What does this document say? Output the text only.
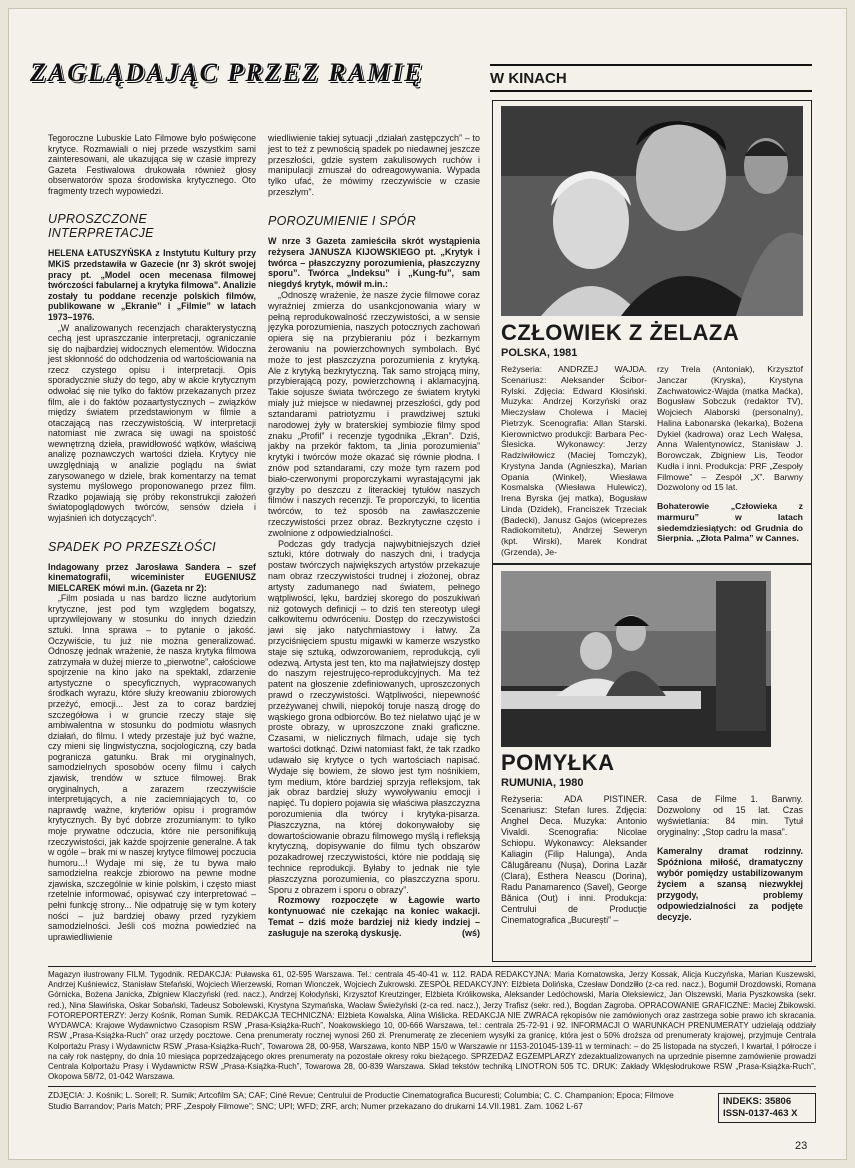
ZAGLĄDAJĄC PRZEZ RAMIĘ	W KINACH

Tegoroczne Lubuskie Lato Filmowe było poświęcone krytyce. Rozmawiali o niej przede wszystkim sami zainteresowani, ale ukazująca się w czasie imprezy Gazeta Festiwalowa drukowała również głosy obserwatorów spoza środowiska krytycznego. Oto fragmenty trzech wypowiedzi.

UPROSZCZONE INTERPRETACJE

HELENA ŁATUSZYŃSKA z Instytutu Kultury przy MKiS przedstawiła w Gazecie (nr 3) skrót swojej pracy pt. „Model ocen mecenasa filmowej twórczości fabularnej a krytyka filmowa”. Analizie zostały tu poddane recenzje polskich filmów, publikowane w „Ekranie” i „Filmie” w latach 1973–1976.

„W analizowanych recenzjach charakterystyczną cechą jest upraszczanie interpretacji, ograniczanie się do najbardziej widocznych elementów. Widoczna jest skłonność do odchodzenia od wartościowania na rzecz czystego opisu i interpretacji. Opis sporadycznie służy do tego, aby w akcie krytycznym odwołać się nie tylko do faktów przekazanych przez film, ale i do faktów pozaartystycznych – związków między światem przedstawionym w filmie a otaczającą nas rzeczywistością. W interpretacji natomiast nie zwraca się uwagi na spoistość wewnętrzną dzieła, prawidłowość wątków, właściwą analizę poznawczych wartości dzieła. Krytycy nie uwzględniają w analizie poglądu na świat zarysowanego w dziele, brak komentarzy na temat systemu myślowego proponowanego przez film. Rzadko pojawiają się próby rekonstrukcji założeń światopoglądowych twórców, sensów dzieła i wyjaśnień ich dotyczących”.

SPADEK PO PRZESZŁOŚCI

Indagowany przez Jarosława Sandera – szef kinematografii, wiceminister EUGENIUSZ MIELCAREK mówi m.in. (Gazeta nr 2):

„Film posiada u nas bardzo liczne audytorium krytyczne, jest pod tym względem bogatszy, uprzywilejowany w stosunku do innych dziedzin sztuki. Inna sprawa – to pytanie o jakość. Oczywiście, tu już nie można generalizować. Odnoszę jednak wrażenie, że nasza krytyka filmowa zatrzymała w dużej mierze to „pierwotne”, całościowe spojrzenie na kino jako na spektakl, zdarzenie artystyczne o specyficznych, wypracowanych środkach wyrazu, które służy kreowaniu zbiorowych przeżyć, emocji... Jest za to coraz bardziej szczegółowa i w gruncie rzeczy staje się ambiwalentna w stosunku do podmiotu własnych działań, do filmu. I wtedy przestaje już być ważne, czy mieni się lingwistyczna, socjologiczną, czy bada pogranicza gatunku. Brak mi oryginalnych, samodzielnych sposobów oceny filmu i całych zjawisk, trendów w sztuce filmowej. Brak oryginalnych, a zarazem rzeczywiście interpretujących, a nie zaciemniających to, co naprawdę ważne, kryteriów opisu i programów krytycznych. By być dobrze zrozumianym: to tylko moje prywatne odczucia, które nie personifikują rzeczywistości, jak każde spojrzenie generalne. A tak w ogóle – brak mi w naszej krytyce filmowej poczucia humoru...! Wydaje mi się, że tu bywa mało samodzielna reakcje zbiorowo na pewne modne zjawiska, szczególnie w kinie polskim, i często miast rzetelnie informować, opisywać czy interpretować – pełni funkcję strony... Nie odpatruję się w tym kotery ności – już bardziej obawy przed ryzykiem samodzielności. Jeśli coś można powiedzieć na uprawiedliwienie

wiedliwienie takiej sytuacji „działań zastępczych” – to jest to też z pewnością spadek po niedawnej jeszcze przeszłości, gdzie system zakulisowych ruchów i manipulacji zmuszał do odreagowywania. Wypada tylko ufać, że mówimy rzeczywiście w czasie przeszłym”.

POROZUMIENIE I SPÓR

W nrze 3 Gazeta zamieściła skrót wystąpienia reżysera JANUSZA KIJOWSKIEGO pt. „Krytyk i twórca – płaszczyzny porozumienia, płaszczyzny sporu”. Twórca „Indeksu” i „Kung-fu”, sam niegdyś krytyk, mówił m.in.:

„Odnoszę wrażenie, że nasze życie filmowe coraz wyraźniej zmierza do usankcjonowania wiary w pełną reprodukowalność rzeczywistości, a w sensie języka porozumienia, naszych potocznych zachowań opiera się na przybieraniu póz i bezkarnym żerowaniu na powierzchownych symbolach. Być może to jest płaszczyzna porozumienia z krytyką. Ale z krytyką bezkrytyczną. Tak samo strojącą miny, przybierającą pozy, powierzchowną i aklamacyjną. Takie sojusze świata twórczego ze światem krytyki miały już miejsce w niedawnej przeszłości, gdy pod sztandarami patriotyzmu i prawdziwej sztuki narodowej żyły w braterskiej symbiozie filmy spod znaku „Profil” i recenzje tygodnika „Ekran”. Dziś, jakby na przekór faktom, ta „linia porozumienia” krytyki i twórców może okazać się równie płodna. I znów pod sztandarami, czy może tym razem pod biało-czerwonymi proporczykami wyrastającymi jak grzyby po deszczu z literackiej tytułów naszych filmów i naszych recenzji. Te proporczyki, to licentia twórców, to też sposób na zawłaszczenie rzeczywistości przez obraz. Bezkrytyczne często i zwolnione z odpowiedzialności.

Podczas gdy tradycja najwybitniejszych dzieł sztuki, które dotrwały do naszych dni, i tradycja postaw twórczych największych artystów przekazuje nam obraz rzeczywistości trudnej i złożonej, obraz artysty zadumanego nad światem, pełnego wątpliwości, lęku, bardziej skorego do poszukiwań niż gotowych definicji – to dziś ten stereotyp uległ całkowitemu odwróceniu. Dostęp do rzeczywistości jawi się jako natychmiastowy i łatwy. Za przyciśnięciem spustu migawki w kamerze wszystko staje się sztuką, odwzorowaniem, reprodukcją, cyli odezwą. Artysta jest ten, kto ma najłatwiejszy dostęp do naszym rejestrujęco-reprodukcyjnych. Ma też patent na głoszenie zdefiniowanych, uproszczonych prawd o rzeczywistości. Wątpliwości, niepewność przeżywanej chwili, niepokój toruje naszą drogę do wąskiego grona odbiorców. Bo też nielatwo ująć je w proste obrazy, w uproszczone znaki graficzne. Czasami, w nielicznych filmach, udaje się tych wartości dotknąć. Dziwi natomiast fakt, że tak rzadko udawało się krytyce o tych wartościach napisać. Wydaje się bowiem, że słowo jest tym nośnikiem, tym medium, które bardziej sprzyja refleksjom, tak jak obraz bardziej służy wywoływaniu emocji i napięć. Tu dopiero pojawia się właściwa płaszczyzna porozumienia dla twórcy i krytyka-pisarza. Płaszczyzna, na której dokonywałoby się dowartościowanie obrazu filmowego myślą i refleksją krytyczną, dopisywanie do filmu tych obszarów pozakadrowej rzeczywistości, które nie poddają się technice reprodukcji. Byłaby to jednak nie tyle płaszczyzna porozumienia, co płaszczyzna sporu. Sporu z obrazem i sporu o obrazy”.

Rozmowy rozpoczęte w Łagowie warto kontynuować nie czekając na koniec wakacji. Temat – dziś może bardziej niż kiedy indziej – zasługuje na szeroką dyskusję.	(wś)

CZŁOWIEK Z ŻELAZA
POLSKA, 1981

Reżyseria: ANDRZEJ WAJDA. Scenariusz: Aleksander Ścibor-Rylski. Zdjęcia: Edward Kłosiński. Muzyka: Andrzej Korzyński oraz Mieczysław Cholewa i Maciej Pietrzyk. Scenografia: Allan Starski. Kierownictwo produkcji: Barbara Pec-Ślesicka. Wykonawcy: Jerzy Radziwiłowicz (Maciej Tomczyk), Krystyna Janda (Agnieszka), Marian Opania (Winkel), Wiesława Kosmalska (Wiesława Hulewicz), Irena Byrska (jej matka), Bogusław Linda (Dzidek), Franciszek Trzeciak (Badecki), Janusz Gajos (wiceprezes Radiokomitetu), Andrzej Seweryn (kpt. Wirski), Marek Kondrat (Grzenda), Je-

rzy Trela (Antoniak), Krzysztof Janczar (Kryska), Krystyna Zachwatowicz-Wajda (matka Maćka), Bogusław Sobczuk (redaktor TV), Wojciech Alaborski (personalny), Halina Łabonarska (lekarka), Bożena Dykiel (kadrowa) oraz Lech Wałęsa, Anna Walentynowicz, Stanisław J. Borowczak, Zbigniew Lis, Teodor Kudła i inni. Produkcja: PRF „Zespoły Filmowe” – Zespół „X”. Barwny Dozwolony od 15 lat.

Bohaterowie „Człowieka z marmuru” w latach siedemdziesiątych: od Grudnia do Sierpnia. „Złota Palma” w Cannes.

POMYŁKA
RUMUNIA, 1980

Reżyseria: ADA PISTINER. Scenariusz: Stefan Iures. Zdjęcia: Anghel Deca. Muzyka: Antonio Vivaldi. Scenografia: Nicolae Schiopu. Wykonawcy: Aleksander Kaliagin (Filip Halunga), Anda Călugăreanu (Nușa), Dorina Lazăr (Clara), Esthera Neascu (Dorina), Radu Panamarenco (Savel), George Bănica (Ouț) i inni. Produkcja: Centrului de Producție Cinematografica „București” –

Casa de Filme 1. Barwny. Dozwolony od 15 lat. Czas wyświetlania: 84 min. Tytuł oryginalny: „Stop cadru la masa”.

Kameralny dramat rodzinny. Spóźniona miłość, dramatyczny wybór pomiędzy ustabilizowanym życiem a szansą niezwykłej przygody, problemy odpowiedzialności za podjęte decyzje.

Magazyn ilustrowany FILM. Tygodnik. REDAKCJA: Puławska 61, 02-595 Warszawa. Tel.: centrala 45-40-41 w. 112. RADA REDAKCYJNA: Maria Kornatowska, Jerzy Kossak, Alicja Kuczyńska, Marian Kuszewski, Andrzej Kuśniewicz, Stanisław Stefański, Wojciech Wierzewski, Roman Wionczek, Wojciech Żukrowski. ZESPÓŁ REDAKCYJNY: Elżbieta Dolińska, Czesław Dondziłło (z-ca red. nacz.), Bogumił Drozdowski, Romana Górnicka, Bożena Janicka, Zbigniew Klaczyński (red. nacz.), Andrzej Kołodyński, Krzysztof Kreutzinger, Elżbieta Królikowska, Aleksander Ledóchowski, Maria Oleksiewicz, Jan Olszewski, Maria Pyszkowska (sekr. red.), Nina Sławińska, Oskar Sobański, Tadeusz Sobolewski, Krystyna Szymańska, Wacław Świeżyński (z-ca red. nacz.), Jerzy Trafisz (sekr. red.), Bogdan Zagroba. OPRACOWANIE GRAFICZNE: Maciej Żbikowski. FOTOREPORTERZY: Jerzy Kośnik, Roman Sumik. REDAKCJA TECHNICZNA: Elżbieta Kowalska, Alina Wiślicka. REDAKCJA NIE ZWRACA rękopisów nie zamówionych oraz zastrzega sobie prawo ich skracania. WYDAWCA: Krajowe Wydawnictwo Czasopism RSW „Prasa-Książka-Ruch”, Noakowskiego 10, 00-666 Warszawa, tel.: centrala 25-72-91 i 92. INFORMACJI O WARUNKACH PRENUMERATY udzielają oddziały RSW „Prasa-Książka-Ruch” oraz urzędy pocztowe. Cena prenumeraty rocznej wynosi 260 zł. Prenumeratę ze zleceniem wysyłki za granicę, która jest o 50% droższa od prenumeraty krajowej, przyjmuje Centrala Kolportażu Prasy i Wydawnictw RSW „Prasa-Książka-Ruch”, Towarowa 28, 00-958, Warszawa, konto NBP 15/0 w Warszawie nr 1153-201045-139-11 w terminach: – do 25 listopada na styczeń, I kwartał, I półrocze i na cały rok następny, do dnia 10 miesiąca poprzedzającego okres prenumeraty na pozostałe okresy roku bieżącego. SPRZEDAŻ EGZEMPLARZY zdezaktualizowanych na uprzednie pisemne zamówienie prowadzi Centrala Kolportażu Prasy i Wydawnictw RSW „Prasa-Książka-Ruch”, Towarowa 28, 00-839 Warszawa. Skład tekstów techniką LINOTRON 505 TC. DRUK: Zakłady Wklęsłodrukowe RSW „Prasa-Książka-Ruch”, Okopowa 58/72, 01-042 Warszawa.
ZDJĘCIA: J. Kośnik; L. Sorell; R. Sumik; Artcofilm SA; CAF; Ciné Revue; Centrului de Productie Cinematografica Bucuresti; Columbia; C. C. Champanion; Epoca; Filmove Studio Barrandov; Paris Match; PRF „Zespoły Filmowe”; SNC; UPI; WFD; ZRF, arch; Numer przekazano do drukarni 14.VII.1981. Zam. 1062 L-67	INDEKS: 35806
ISSN-0137-463 X
23
